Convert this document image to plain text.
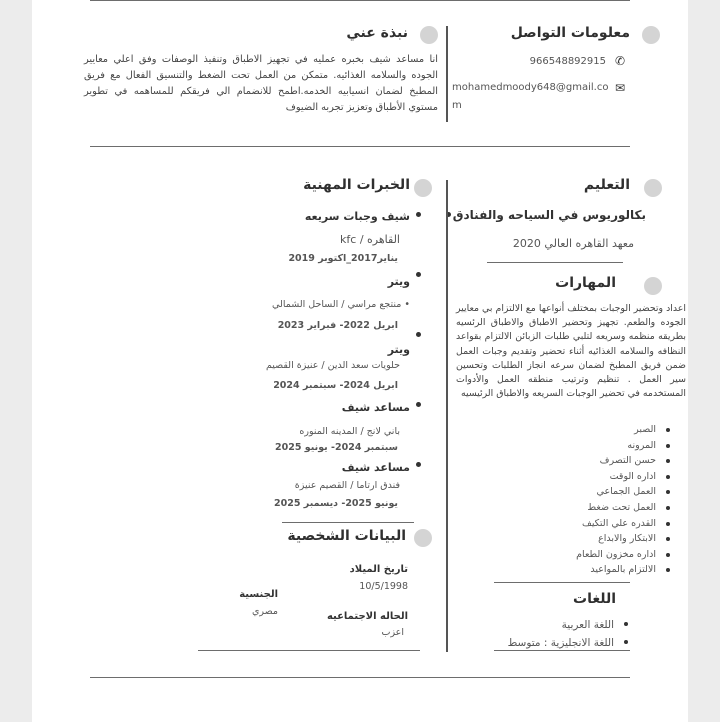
معلومات التواصل
✆
966548892915
✉
mohamedmoody648@gmail.co
m
نبذة عني
انا مساعد شيف بخبره عمليه في تجهيز الاطباق وتنفيذ الوصفات وفق اعلي معايير الجوده والسلامه الغذائيه. متمكن من العمل تحت الضغط والتنسيق الفعال مع فريق المطبخ لضمان انسيابيه الخدمه.اطمح للانضمام الي فريقكم للمساهمه في تطوير مستوي الأطباق وتعزيز تجربه الضيوف
التعليم
بكالوريوس في السياحه والفنادق
معهد القاهره العالي 2020
المهارات
اعداد وتحضير الوجبات بمختلف أنواعها مع الالتزام بي معايير الجوده والطعم. تجهيز وتحضير الاطباق والاطباق الرئسيه بطريقه منظمه وسريعه لتلبي طلبات الزبائن الالتزام بقواعد النظافه والسلامه الغذائيه أثناء تحضير وتقديم وجبات العمل ضمن فريق المطبخ لضمان سرعه انجاز الطلبات وتحسين سير العمل . تنظيم وترتيب منطقه العمل والأدوات المستخدمه في تحضير الوجبات السريعه والاطباق الرئيسيه
الصبر
المرونه
حسن التصرف
اداره الوقت
العمل الجماعي
العمل تحت ضغط
القدره علي التكيف
الابتكار والابداع
اداره مخزون الطعام
الالتزام بالمواعيد
اللغات
اللغة العربية
اللغة الانجليزية : متوسط
الخبرات المهنية
شيف وجبات سريعه
القاهره / kfc
يناير2017_اكتوبر 2019
ويتر
• منتجع مراسي / الساحل الشمالي
ابريل 2022- فبراير 2023
ويتر
حلويات سعد الدين / عنيزة القصيم
ابريل 2024- سبتمبر 2024
مساعد شيف
باني لانج / المدينه المنوره
سبتمبر 2024- يونيو 2025
مساعد شيف
فندق ارتاما / القصيم عنيزة
يونيو 2025- ديسمبر 2025
البيانات الشخصية
تاريخ الميلاد
10/5/1998
الجنسية
مصري	الحاله الاجتماعيه
اعزب
